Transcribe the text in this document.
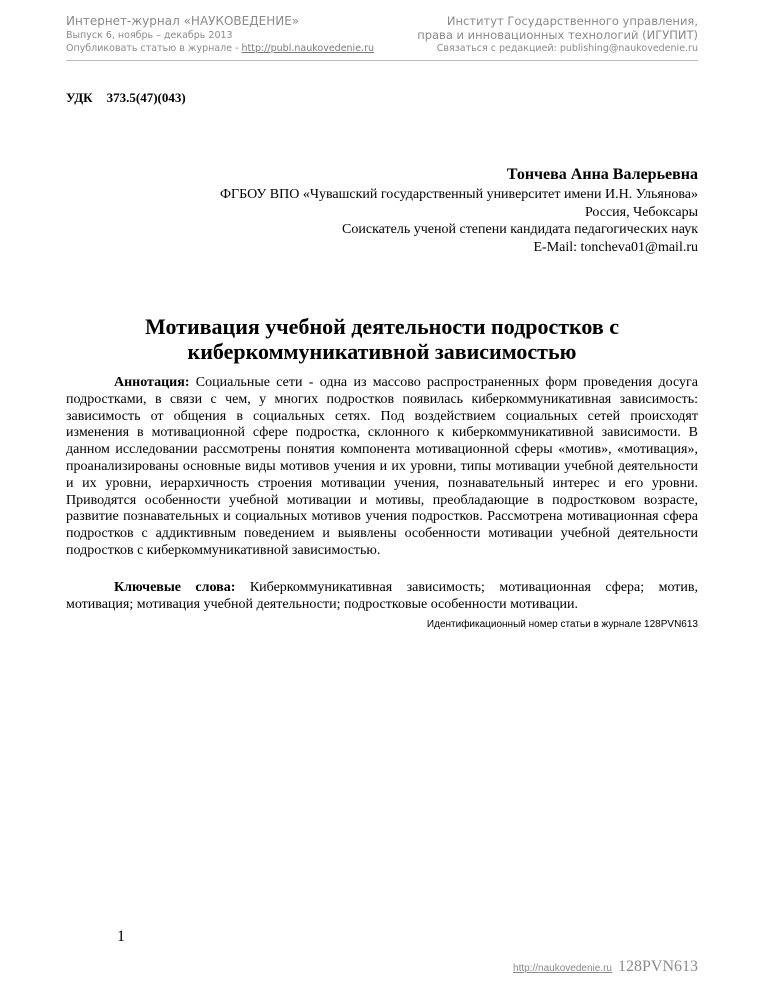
Интернет-журнал «НАУКОВЕДЕНИЕ»
Выпуск 6, ноябрь – декабрь 2013
Опубликовать статью в журнале - http://publ.naukovedenie.ru
Институт Государственного управления,
права и инновационных технологий (ИГУПИТ)
Связаться с редакцией: publishing@naukovedenie.ru
УДК 373.5(47)(043)
Тончева Анна Валерьевна
ФГБОУ ВПО «Чувашский государственный университет имени И.Н. Ульянова»
Россия, Чебоксары
Соискатель ученой степени кандидата педагогических наук
E-Mail: toncheva01@mail.ru
Мотивация учебной деятельности подростков с
киберкоммуникативной зависимостью
Аннотация: Социальные сети - одна из массово распространенных форм проведения досуга подростками, в связи с чем, у многих подростков появилась киберкоммуникативная зависимость: зависимость от общения в социальных сетях. Под воздействием социальных сетей происходят изменения в мотивационной сфере подростка, склонного к киберкоммуникативной зависимости. В данном исследовании рассмотрены понятия компонента мотивационной сферы «мотив», «мотивация», проанализированы основные виды мотивов учения и их уровни, типы мотивации учебной деятельности и их уровни, иерархичность строения мотивации учения, познавательный интерес и его уровни. Приводятся особенности учебной мотивации и мотивы, преобладающие в подростковом возрасте, развитие познавательных и социальных мотивов учения подростков. Рассмотрена мотивационная сфера подростков с аддиктивным поведением и выявлены особенности мотивации учебной деятельности подростков с киберкоммуникативной зависимостью.
Ключевые слова: Киберкоммуникативная зависимость; мотивационная сфера; мотив, мотивация; мотивация учебной деятельности; подростковые особенности мотивации.
Идентификационный номер статьи в журнале 128PVN613
1
http://naukovedenie.ru 128PVN613
